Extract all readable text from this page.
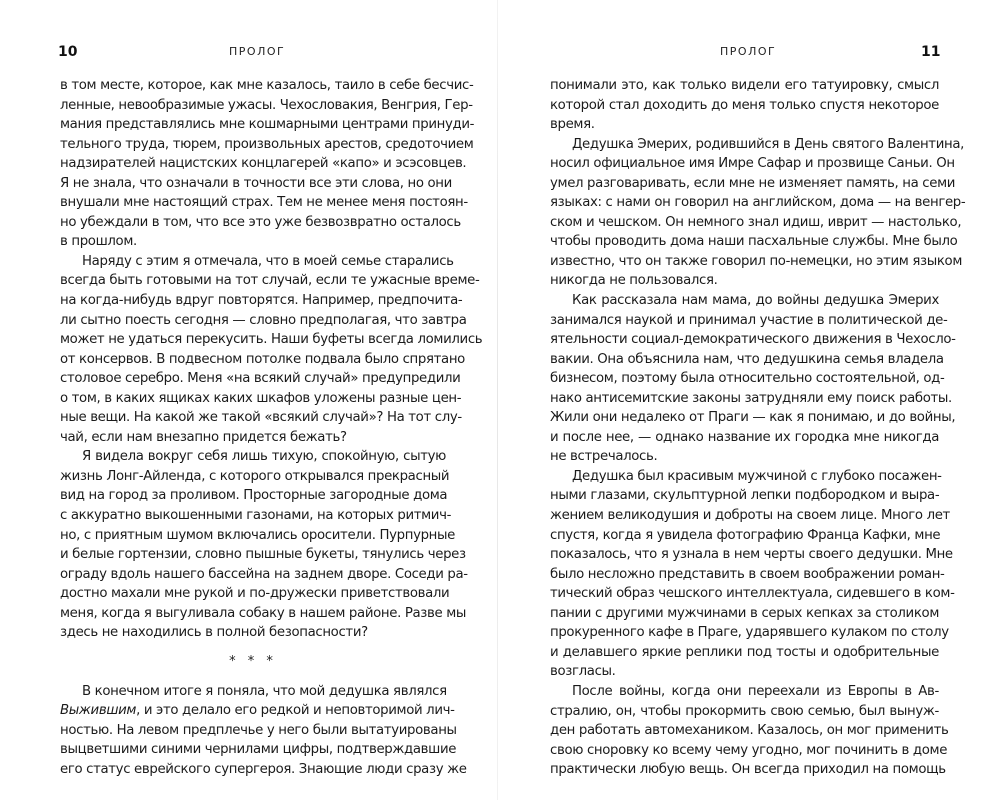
10	ПРОЛОГ

в том месте, которое, как мне казалось, таило в себе бесчис-
ленные, невообразимые ужасы. Чехословакия, Венгрия, Гер-
мания представлялись мне кошмарными центрами принуди-
тельного труда, тюрем, произвольных арестов, средоточием
надзирателей нацистских концлагерей «капо» и эсэсовцев.
Я не знала, что означали в точности все эти слова, но они
внушали мне настоящий страх. Тем не менее меня постоян-
но убеждали в том, что все это уже безвозвратно осталось
в прошлом.

Наряду с этим я отмечала, что в моей семье старались
всегда быть готовыми на тот случай, если те ужасные време-
на когда-нибудь вдруг повторятся. Например, предпочита-
ли сытно поесть сегодня — словно предполагая, что завтра
может не удаться перекусить. Наши буфеты всегда ломились
от консервов. В подвесном потолке подвала было спрятано
столовое серебро. Меня «на всякий случай» предупредили
о том, в каких ящиках каких шкафов уложены разные цен-
ные вещи. На какой же такой «всякий случай»? На тот слу-
чай, если нам внезапно придется бежать?

Я видела вокруг себя лишь тихую, спокойную, сытую
жизнь Лонг-Айленда, с которого открывался прекрасный
вид на город за проливом. Просторные загородные дома
с аккуратно выкошенными газонами, на которых ритмич-
но, с приятным шумом включались оросители. Пурпурные
и белые гортензии, словно пышные букеты, тянулись через
ограду вдоль нашего бассейна на заднем дворе. Соседи ра-
достно махали мне рукой и по-дружески приветствовали
меня, когда я выгуливала собаку в нашем районе. Разве мы
здесь не находились в полной безопасности?

* * *

В конечном итоге я поняла, что мой дедушка являлся
Выжившим, и это делало его редкой и неповторимой лич-
ностью. На левом предплечье у него были вытатуированы
выцветшими синими чернилами цифры, подтверждавшие
его статус еврейского супергероя. Знающие люди сразу же

11
ПРОЛОГ

понимали это, как только видели его татуировку, смысл
которой стал доходить до меня только спустя некоторое
время.

Дедушка Эмерих, родившийся в День святого Валентина,
носил официальное имя Имре Сафар и прозвище Саньи. Он
умел разговаривать, если мне не изменяет память, на семи
языках: с нами он говорил на английском, дома — на венгер-
ском и чешском. Он немного знал идиш, иврит — настолько,
чтобы проводить дома наши пасхальные службы. Мне было
известно, что он также говорил по-немецки, но этим языком
никогда не пользовался.

Как рассказала нам мама, до войны дедушка Эмерих
занимался наукой и принимал участие в политической де-
ятельности социал-демократического движения в Чехосло-
вакии. Она объяснила нам, что дедушкина семья владела
бизнесом, поэтому была относительно состоятельной, од-
нако антисемитские законы затрудняли ему поиск работы.
Жили они недалеко от Праги — как я понимаю, и до войны,
и после нее, — однако название их городка мне никогда
не встречалось.

Дедушка был красивым мужчиной с глубоко посажен-
ными глазами, скульптурной лепки подбородком и выра-
жением великодушия и доброты на своем лице. Много лет
спустя, когда я увидела фотографию Франца Кафки, мне
показалось, что я узнала в нем черты своего дедушки. Мне
было несложно представить в своем воображении роман-
тический образ чешского интеллектуала, сидевшего в ком-
пании с другими мужчинами в серых кепках за столиком
прокуренного кафе в Праге, ударявшего кулаком по столу
и делавшего яркие реплики под тосты и одобрительные
возгласы.

После войны, когда они переехали из Европы в Ав-
стралию, он, чтобы прокормить свою семью, был вынуж-
ден работать автомехаником. Казалось, он мог применить
свою сноровку ко всему чему угодно, мог починить в доме
практически любую вещь. Он всегда приходил на помощь
